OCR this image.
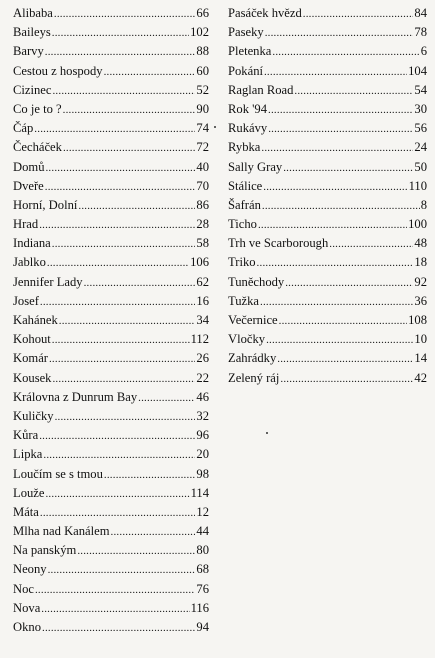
Alibaba .....	66
Baileys .....	102
Barvy .....	88
Cestou z hospody .....	60
Cizinec .....	52
Co je to ? .....	90
Čáp .....	74
Čecháček .....	72
Domů .....	40
Dveře .....	70
Horní, Dolní .....	86
Hrad .....	28
Indiana .....	58
Jablko .....	106
Jennifer Lady .....	62
Josef .....	16
Kahánek .....	34
Kohout .....	112
Komár .....	26
Kousek .....	22
Královna z Dunrum Bay .....	46
Kuličky .....	32
Kůra .....	96
Lipka .....	20
Loučím se s tmou .....	98
Louže .....	114
Máta .....	12
Mlha nad Kanálem .....	44
Na panským .....	80
Neony .....	68
Noc .....	76
Nova .....	116
Okno .....	94
Pasáček hvězd .....	84
Paseky .....	78
Pletenka .....	6
Pokání .....	104
Raglan Road .....	54
Rok '94 .....	30
Rukávy .....	56
Rybka .....	24
Sally Gray .....	50
Stálice .....	110
Šafrán .....	8
Ticho .....	100
Trh ve Scarborough .....	48
Triko .....	18
Tuněchody .....	92
Tužka .....	36
Večernice .....	108
Vločky .....	10
Zahrádky .....	14
Zelený ráj .....	42
